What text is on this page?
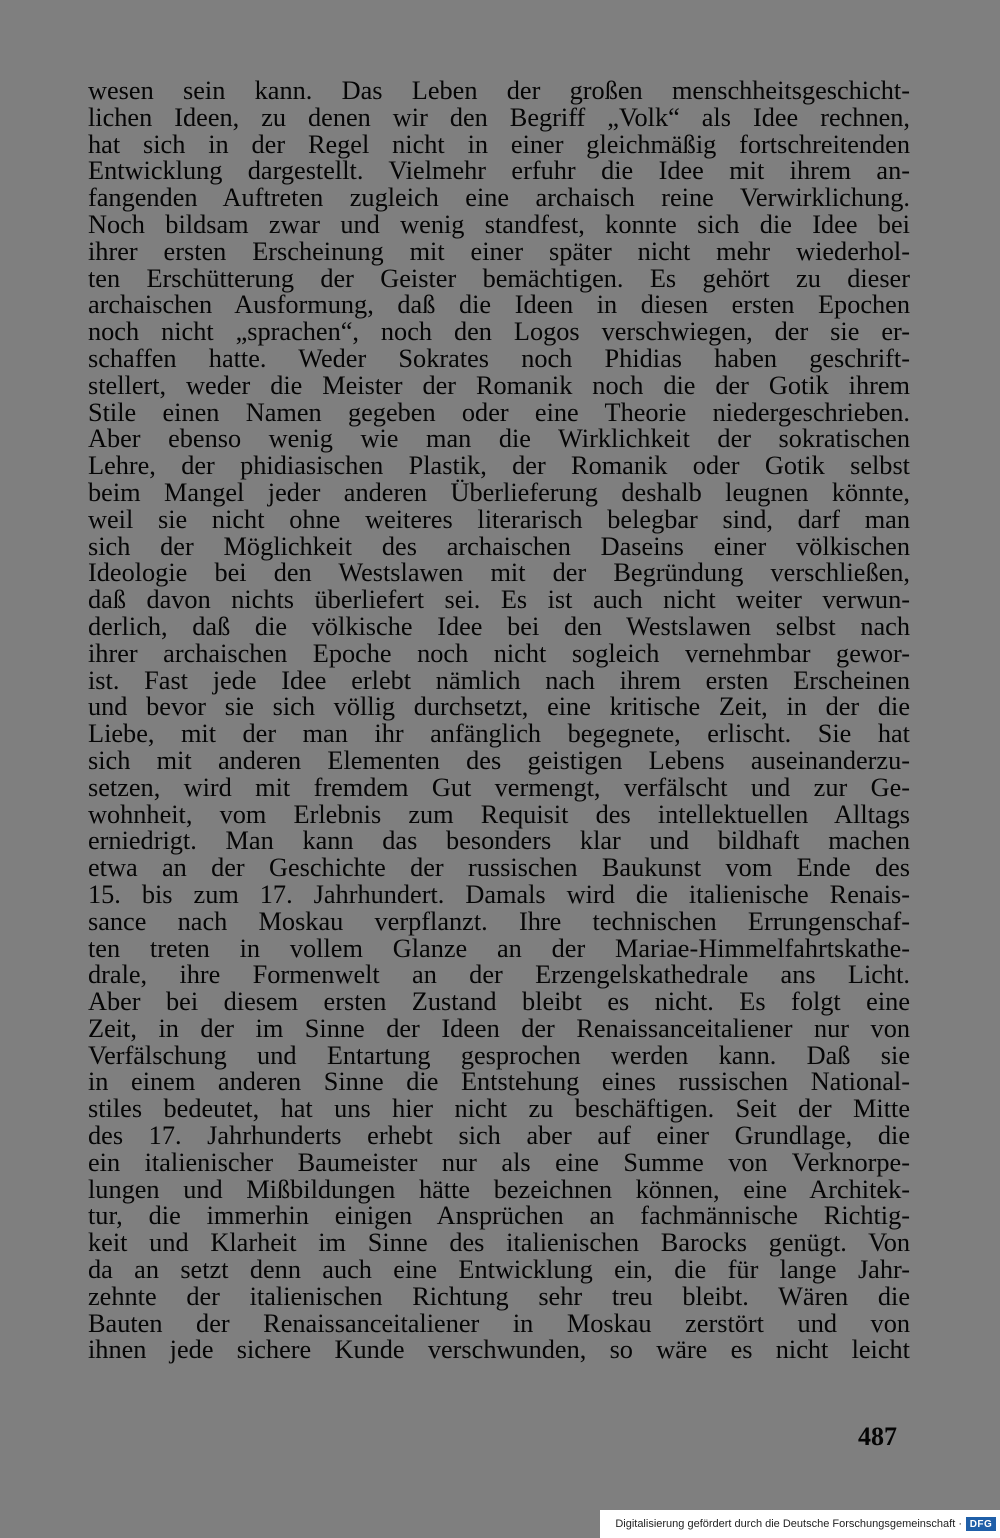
wesen sein kann. Das Leben der großen menschheitsgeschicht-
lichen Ideen, zu denen wir den Begriff „Volk“ als Idee rechnen,
hat sich in der Regel nicht in einer gleichmäßig fortschreitenden
Entwicklung dargestellt. Vielmehr erfuhr die Idee mit ihrem an-
fangenden Auftreten zugleich eine archaisch reine Verwirklichung.
Noch bildsam zwar und wenig standfest, konnte sich die Idee bei
ihrer ersten Erscheinung mit einer später nicht mehr wiederhol-
ten Erschütterung der Geister bemächtigen. Es gehört zu dieser
archaischen Ausformung, daß die Ideen in diesen ersten Epochen
noch nicht „sprachen“, noch den Logos verschwiegen, der sie er-
schaffen hatte. Weder Sokrates noch Phidias haben geschrift-
stellert, weder die Meister der Romanik noch die der Gotik ihrem
Stile einen Namen gegeben oder eine Theorie niedergeschrieben.
Aber ebenso wenig wie man die Wirklichkeit der sokratischen
Lehre, der phidiasischen Plastik, der Romanik oder Gotik selbst
beim Mangel jeder anderen Überlieferung deshalb leugnen könnte,
weil sie nicht ohne weiteres literarisch belegbar sind, darf man
sich der Möglichkeit des archaischen Daseins einer völkischen
Ideologie bei den Westslawen mit der Begründung verschließen,
daß davon nichts überliefert sei. Es ist auch nicht weiter verwun-
derlich, daß die völkische Idee bei den Westslawen selbst nach
ihrer archaischen Epoche noch nicht sogleich vernehmbar gewor-
ist. Fast jede Idee erlebt nämlich nach ihrem ersten Erscheinen
und bevor sie sich völlig durchsetzt, eine kritische Zeit, in der die
Liebe, mit der man ihr anfänglich begegnete, erlischt. Sie hat
sich mit anderen Elementen des geistigen Lebens auseinanderzu-
setzen, wird mit fremdem Gut vermengt, verfälscht und zur Ge-
wohnheit, vom Erlebnis zum Requisit des intellektuellen Alltags
erniedrigt. Man kann das besonders klar und bildhaft machen
etwa an der Geschichte der russischen Baukunst vom Ende des
15. bis zum 17. Jahrhundert. Damals wird die italienische Renais-
sance nach Moskau verpflanzt. Ihre technischen Errungenschaf-
ten treten in vollem Glanze an der Mariae-Himmelfahrtskathe-
drale, ihre Formenwelt an der Erzengelskathedrale ans Licht.
Aber bei diesem ersten Zustand bleibt es nicht. Es folgt eine
Zeit, in der im Sinne der Ideen der Renaissanceitaliener nur von
Verfälschung und Entartung gesprochen werden kann. Daß sie
in einem anderen Sinne die Entstehung eines russischen National-
stiles bedeutet, hat uns hier nicht zu beschäftigen. Seit der Mitte
des 17. Jahrhunderts erhebt sich aber auf einer Grundlage, die
ein italienischer Baumeister nur als eine Summe von Verknorpe-
lungen und Mißbildungen hätte bezeichnen können, eine Architek-
tur, die immerhin einigen Ansprüchen an fachmännische Richtig-
keit und Klarheit im Sinne des italienischen Barocks genügt. Von
da an setzt denn auch eine Entwicklung ein, die für lange Jahr-
zehnte der italienischen Richtung sehr treu bleibt. Wären die
Bauten der Renaissanceitaliener in Moskau zerstört und von
ihnen jede sichere Kunde verschwunden, so wäre es nicht leicht
487
Digitalisierung gefördert durch die Deutsche Forschungsgemeinschaft · DFG
